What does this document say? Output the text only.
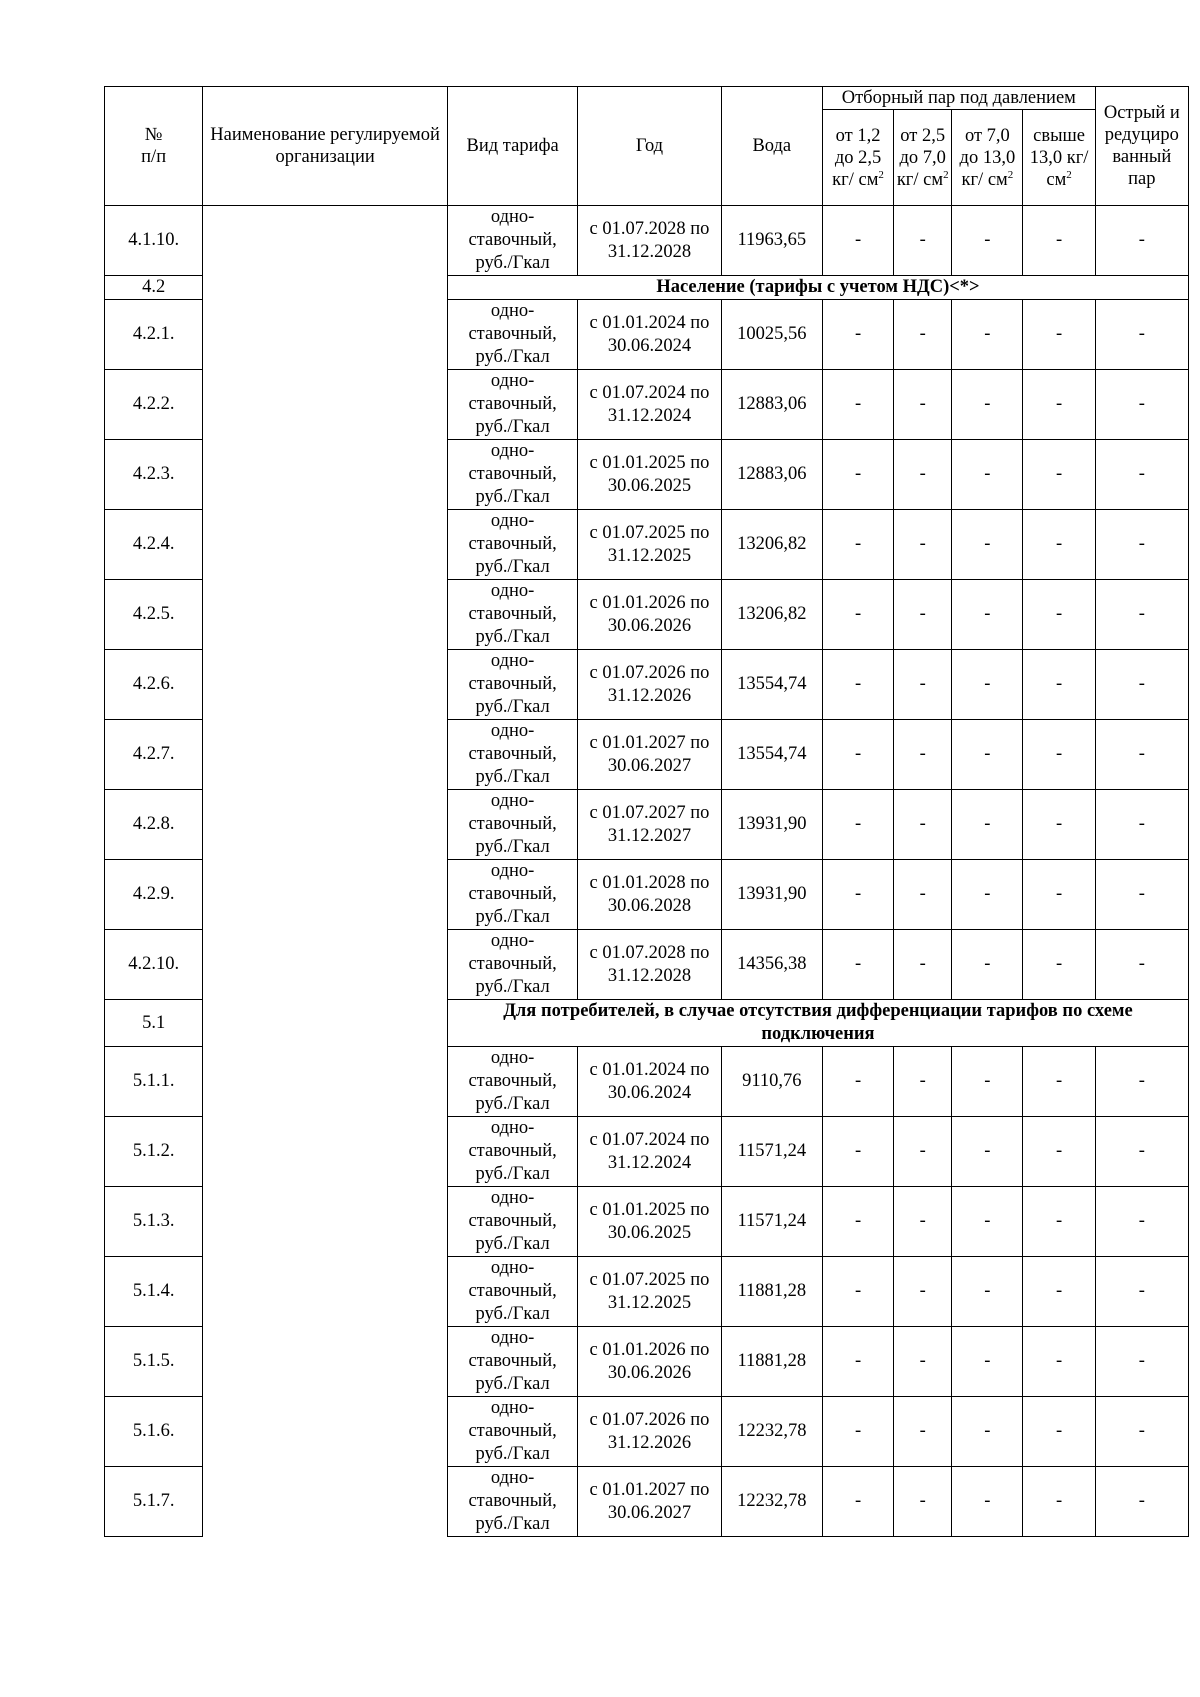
№
п/п	Наименование регулируемой организации	Вид тарифа	Год	Вода	Отборный пар под давлением				Острый и редуциро ванный пар
					от 1,2 до 2,5 кг/ $см^2$	от 2,5 до 7,0 кг/ $см^2$	от 7,0 до 13,0 кг/ $см^2$	свыше 13,0 кг/ $см^2$
4.1.10.		одно-ставочный, руб./Гкал	с 01.07.2028 по 31.12.2028	11963,65	-	-	-	-	-
4.2		Население (тарифы с учетом НДС)<*>							
4.2.1.		одно-ставочный, руб./Гкал	с 01.01.2024 по 30.06.2024	10025,56	-	-	-	-	-
4.2.2.		одно-ставочный, руб./Гкал	с 01.07.2024 по 31.12.2024	12883,06	-	-	-	-	-
4.2.3.		одно-ставочный, руб./Гкал	с 01.01.2025 по 30.06.2025	12883,06	-	-	-	-	-
4.2.4.		одно-ставочный, руб./Гкал	с 01.07.2025 по 31.12.2025	13206,82	-	-	-	-	-
4.2.5.		одно-ставочный, руб./Гкал	с 01.01.2026 по 30.06.2026	13206,82	-	-	-	-	-
4.2.6.		одно-ставочный, руб./Гкал	с 01.07.2026 по 31.12.2026	13554,74	-	-	-	-	-
4.2.7.		одно-ставочный, руб./Гкал	с 01.01.2027 по 30.06.2027	13554,74	-	-	-	-	-
4.2.8.		одно-ставочный, руб./Гкал	с 01.07.2027 по 31.12.2027	13931,90	-	-	-	-	-
4.2.9.		одно-ставочный, руб./Гкал	с 01.01.2028 по 30.06.2028	13931,90	-	-	-	-	-
4.2.10.		одно-ставочный, руб./Гкал	с 01.07.2028 по 31.12.2028	14356,38	-	-	-	-	-
5.1		Для потребителей, в случае отсутствия дифференциации тарифов по схеме подключения							
5.1.1.		одно-ставочный, руб./Гкал	с 01.01.2024 по 30.06.2024	9110,76	-	-	-	-	-
5.1.2.		одно-ставочный, руб./Гкал	с 01.07.2024 по 31.12.2024	11571,24	-	-	-	-	-
5.1.3.		одно-ставочный, руб./Гкал	с 01.01.2025 по 30.06.2025	11571,24	-	-	-	-	-
5.1.4.		одно-ставочный, руб./Гкал	с 01.07.2025 по 31.12.2025	11881,28	-	-	-	-	-
5.1.5.		одно-ставочный, руб./Гкал	с 01.01.2026 по 30.06.2026	11881,28	-	-	-	-	-
5.1.6.		одно-ставочный, руб./Гкал	с 01.07.2026 по 31.12.2026	12232,78	-	-	-	-	-
5.1.7.		одно-ставочный, руб./Гкал	с 01.01.2027 по 30.06.2027	12232,78	-	-	-	-	-
